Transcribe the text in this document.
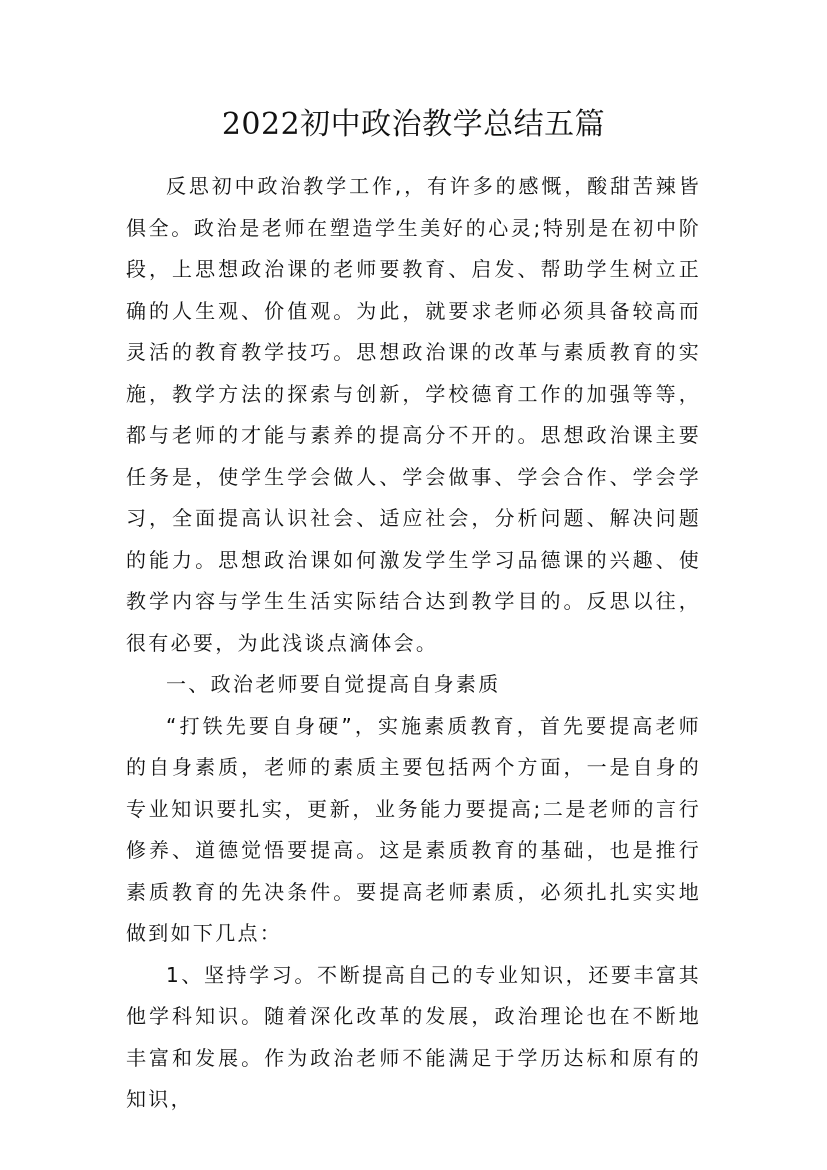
2022初中政治教学总结五篇

反思初中政治教学工作,，有许多的感慨，酸甜苦辣皆俱全。政治是老师在塑造学生美好的心灵;特别是在初中阶段，上思想政治课的老师要教育、启发、帮助学生树立正确的人生观、价值观。为此，就要求老师必须具备较高而灵活的教育教学技巧。思想政治课的改革与素质教育的实施，教学方法的探索与创新，学校德育工作的加强等等，都与老师的才能与素养的提高分不开的。思想政治课主要任务是，使学生学会做人、学会做事、学会合作、学会学习，全面提高认识社会、适应社会，分析问题、解决问题的能力。思想政治课如何激发学生学习品德课的兴趣、使教学内容与学生生活实际结合达到教学目的。反思以往，很有必要，为此浅谈点滴体会。

一、政治老师要自觉提高自身素质

“打铁先要自身硬”，实施素质教育，首先要提高老师的自身素质，老师的素质主要包括两个方面，一是自身的专业知识要扎实，更新，业务能力要提高;二是老师的言行修养、道德觉悟要提高。这是素质教育的基础，也是推行素质教育的先决条件。要提高老师素质，必须扎扎实实地做到如下几点：

1、坚持学习。不断提高自己的专业知识，还要丰富其他学科知识。随着深化改革的发展，政治理论也在不断地丰富和发展。作为政治老师不能满足于学历达标和原有的知识，
